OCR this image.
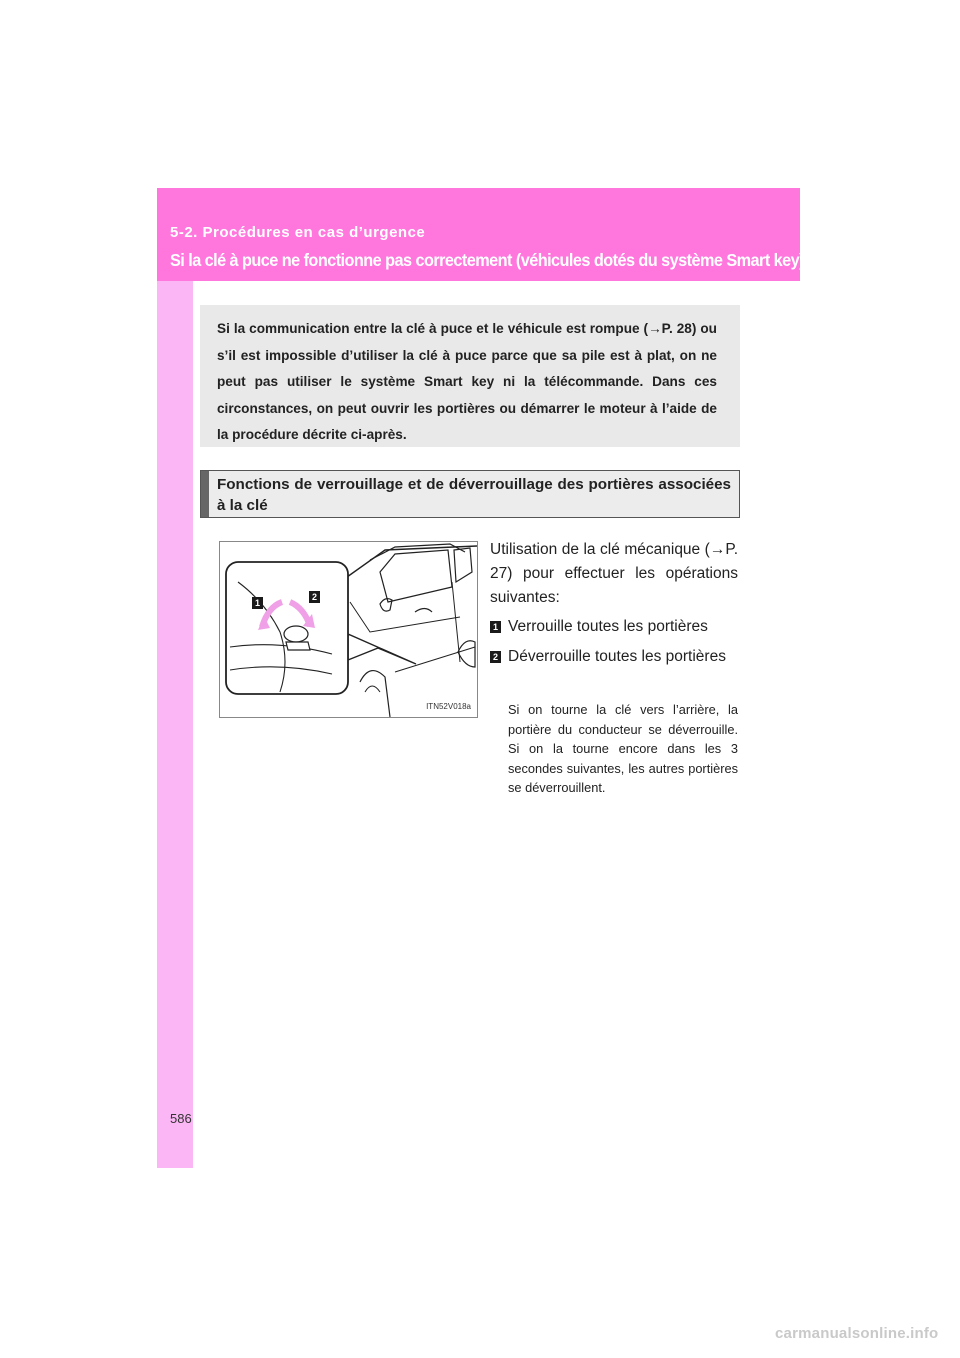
5-2. Procédures en cas d’urgence
Si la clé à puce ne fonctionne pas correctement (véhicules dotés du système Smart key)
Si la communication entre la clé à puce et le véhicule est rompue (→P. 28) ou s’il est impossible d’utiliser la clé à puce parce que sa pile est à plat, on ne peut pas utiliser le système Smart key ni la télécommande. Dans ces circonstances, on peut ouvrir les portières ou démarrer le moteur à l’aide de la procédure décrite ci-après.
Fonctions de verrouillage et de déverrouillage des portières associées à la clé
1
2
ITN52V018a
Utilisation de la clé mécanique (→P. 27) pour effectuer les opérations suivantes:
1 Verrouille toutes les portières
2 Déverrouille toutes les portières
Si on tourne la clé vers l’arrière, la portière du conducteur se déverrouille. Si on la tourne encore dans les 3 secondes suivantes, les autres portières se déverrouillent.
586
carmanualsonline.info
